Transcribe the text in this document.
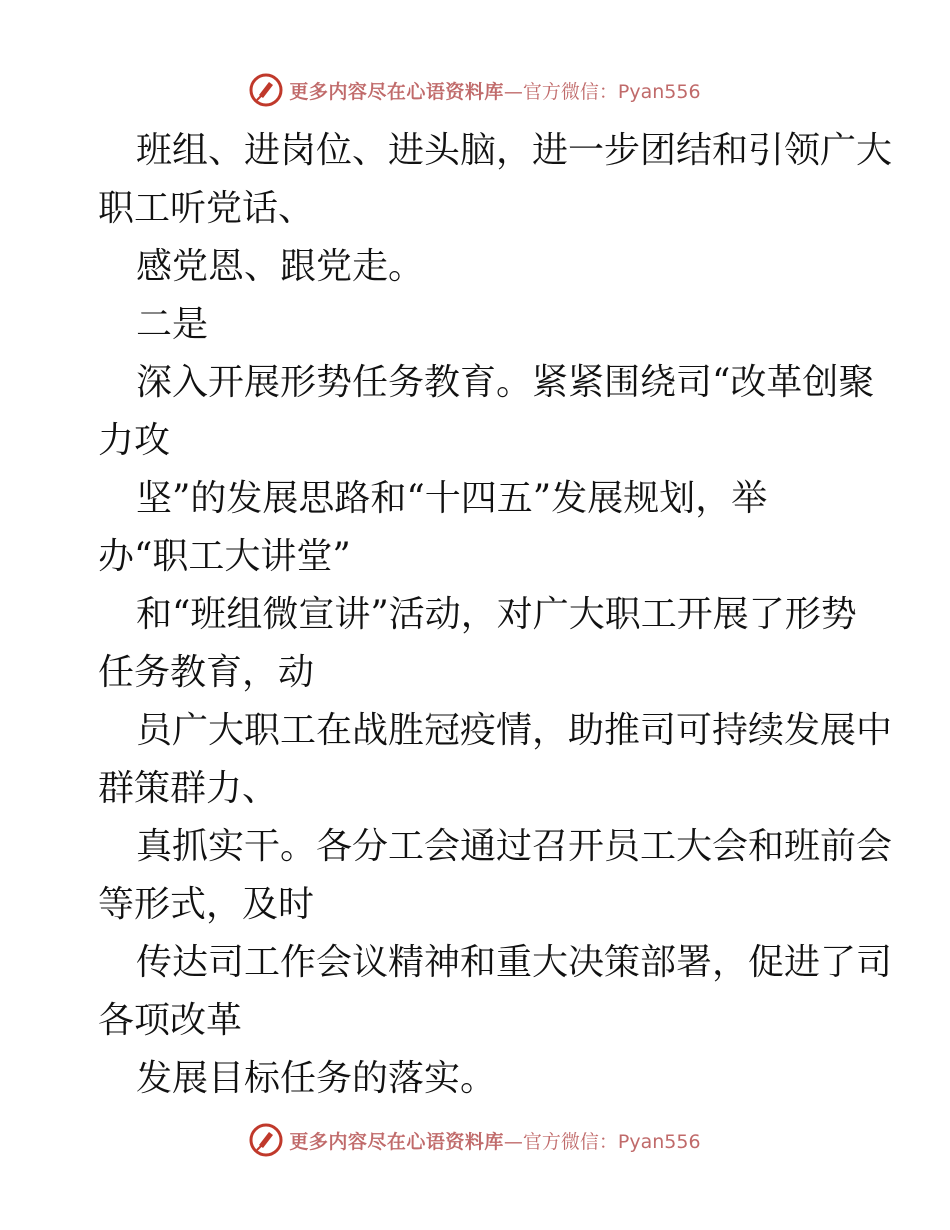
更多内容尽在心语资料库 —官方微信：Pyan556
班组、进岗位、进头脑，进一步团结和引领广大
职工听党话、
感党恩、跟党走。
二是
深入开展形势任务教育。紧紧围绕司“改革创聚
力攻
坚”的发展思路和“十四五”发展规划，举
办“职工大讲堂”
和“班组微宣讲”活动，对广大职工开展了形势
任务教育，动
员广大职工在战胜冠疫情，助推司可持续发展中
群策群力、
真抓实干。各分工会通过召开员工大会和班前会
等形式，及时
传达司工作会议精神和重大决策部署，促进了司
各项改革
发展目标任务的落实。
更多内容尽在心语资料库 —官方微信：Pyan556
